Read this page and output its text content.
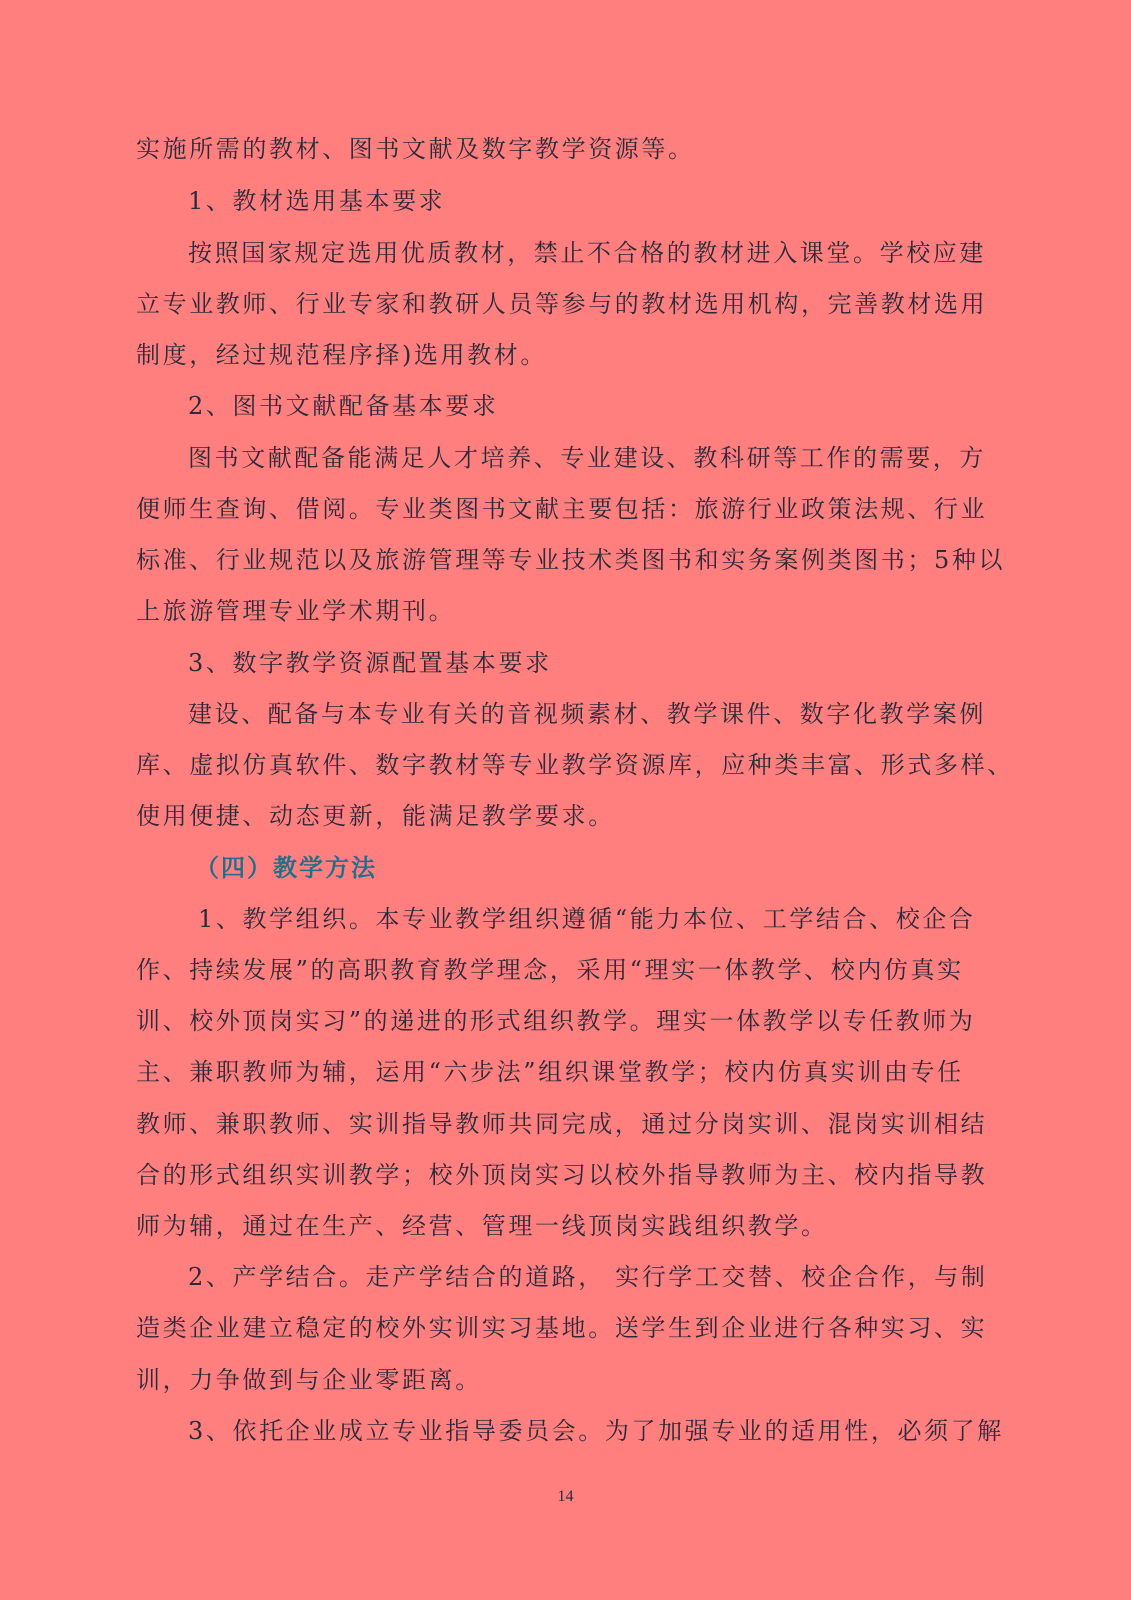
实施所需的教材、图书文献及数字教学资源等。
1、教材选用基本要求
按照国家规定选用优质教材，禁止不合格的教材进入课堂。学校应建
立专业教师、行业专家和教研人员等参与的教材选用机构，完善教材选用
制度，经过规范程序择)选用教材。
2、图书文献配备基本要求
图书文献配备能满足人才培养、专业建设、教科研等工作的需要，方
便师生查询、借阅。专业类图书文献主要包括：旅游行业政策法规、行业
标准、行业规范以及旅游管理等专业技术类图书和实务案例类图书；5种以
上旅游管理专业学术期刊。
3、数字教学资源配置基本要求
建设、配备与本专业有关的音视频素材、教学课件、数字化教学案例
库、虚拟仿真软件、数字教材等专业教学资源库，应种类丰富、形式多样、
使用便捷、动态更新，能满足教学要求。
（四）教学方法
1、教学组织。本专业教学组织遵循“能力本位、工学结合、校企合
作、持续发展”的高职教育教学理念，采用“理实一体教学、校内仿真实
训、校外顶岗实习”的递进的形式组织教学。理实一体教学以专任教师为
主、兼职教师为辅，运用“六步法”组织课堂教学；校内仿真实训由专任
教师、兼职教师、实训指导教师共同完成，通过分岗实训、混岗实训相结
合的形式组织实训教学；校外顶岗实习以校外指导教师为主、校内指导教
师为辅，通过在生产、经营、管理一线顶岗实践组织教学。
2、产学结合。走产学结合的道路， 实行学工交替、校企合作，与制
造类企业建立稳定的校外实训实习基地。送学生到企业进行各种实习、实
训，力争做到与企业零距离。
3、依托企业成立专业指导委员会。为了加强专业的适用性，必须了解
14
